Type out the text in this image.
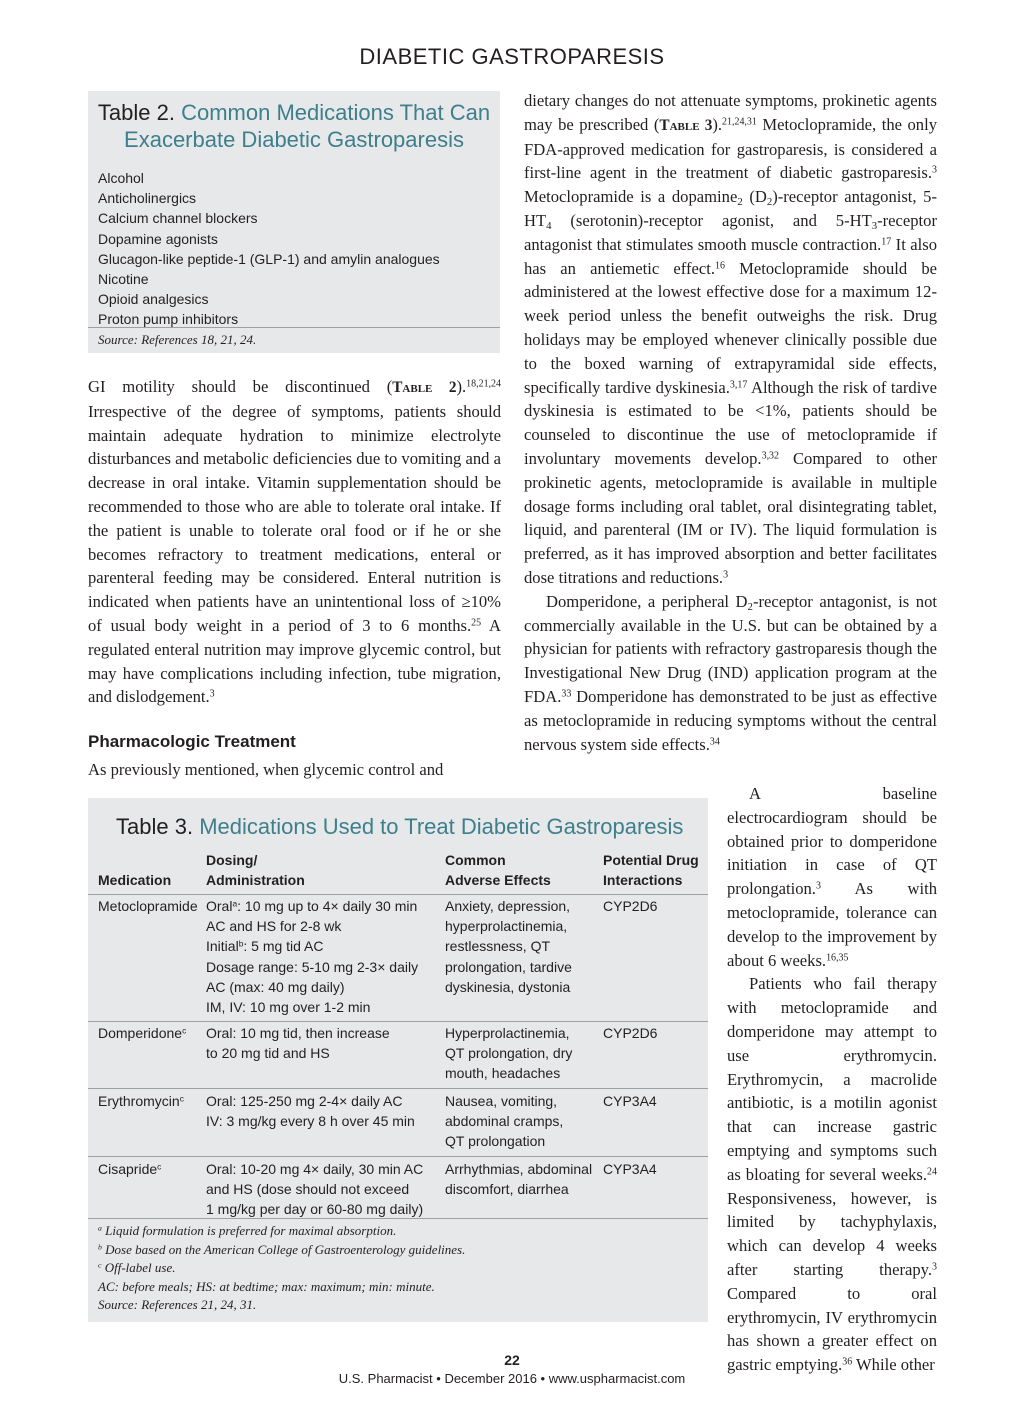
DIABETIC GASTROPARESIS
Table 2. Common Medications That Can Exacerbate Diabetic Gastroparesis
Alcohol
Anticholinergics
Calcium channel blockers
Dopamine agonists
Glucagon-like peptide-1 (GLP-1) and amylin analogues
Nicotine
Opioid analgesics
Proton pump inhibitors
Source: References 18, 21, 24.

GI motility should be discontinued (Table 2).$^{18,21,24}$ Irrespective of the degree of symptoms, patients should maintain adequate hydration to minimize electrolyte disturbances and metabolic deficiencies due to vomiting and a decrease in oral intake. Vitamin supplementation should be recommended to those who are able to tolerate oral intake. If the patient is unable to tolerate oral food or if he or she becomes refractory to treatment medications, enteral or parenteral feeding may be considered. Enteral nutrition is indicated when patients have an unintentional loss of ≥10% of usual body weight in a period of 3 to 6 months.$^{25}$ A regulated enteral nutrition may improve glycemic control, but may have complications including infection, tube migration, and dislodgement.$^3$

Pharmacologic Treatment

As previously mentioned, when glycemic control and

dietary changes do not attenuate symptoms, prokinetic agents may be prescribed (Table 3).$^{21,24,31}$ Metoclopramide, the only FDA-approved medication for gastroparesis, is considered a first-line agent in the treatment of diabetic gastroparesis.$^3$ Metoclopramide is a dopamine$_2$ $(D_2)$-receptor antagonist, $5-HT_4$ (serotonin)-receptor agonist, and $5-HT_3$-receptor antagonist that stimulates smooth muscle contraction.$^{17}$ It also has an antiemetic effect.$^{16}$ Metoclopramide should be administered at the lowest effective dose for a maximum 12-week period unless the benefit outweighs the risk. Drug holidays may be employed whenever clinically possible due to the boxed warning of extrapyramidal side effects, specifically tardive dyskinesia.$^{3,17}$ Although the risk of tardive dyskinesia is estimated to be <1%, patients should be counseled to discontinue the use of metoclopramide if involuntary movements develop.$^{3,32}$ Compared to other prokinetic agents, metoclopramide is available in multiple dosage forms including oral tablet, oral disintegrating tablet, liquid, and parenteral (IM or IV). The liquid formulation is preferred, as it has improved absorption and better facilitates dose titrations and reductions.$^3$

Domperidone, a peripheral $D_2$-receptor antagonist, is not commercially available in the U.S. but can be obtained by a physician for patients with refractory gastroparesis though the Investigational New Drug (IND) application program at the FDA.$^{33}$ Domperidone has demonstrated to be just as effective as metoclopramide in reducing symptoms without the central nervous system side effects.$^{34}$

A baseline electrocardiogram should be obtained prior to domperidone initiation in case of QT prolongation.$^3$ As with metoclopramide, tolerance can develop to the improvement by about 6 weeks.$^{16,35}$

Patients who fail therapy with metoclopramide and domperidone may attempt to use erythromycin. Erythromycin, a macrolide antibiotic, is a motilin agonist that can increase gastric emptying and symptoms such as bloating for several weeks.$^{24}$ Responsiveness, however, is limited by tachyphylaxis, which can develop 4 weeks after starting therapy.$^3$ Compared to oral erythromycin, IV erythromycin has shown a greater effect on gastric emptying.$^{36}$ While other

Table 3. Medications Used to Treat Diabetic Gastroparesis
Medication
Dosing/
Administration
Common
Adverse Effects
Potential Drug
Interactions
Metoclopramide Oral$^a$: 10 mg up to 4× daily 30 min
AC and HS for 2-8 wk
Initial$^b$: 5 mg tid AC
Dosage range: 5-10 mg 2-3× daily
AC (max: 40 mg daily)
IM, IV: 10 mg over 1-2 min
Anxiety, depression,
hyperprolactinemia,
restlessness, QT
prolongation, tardive
dyskinesia, dystonia
CYP2D6
Domperidone$^c$ Oral: 10 mg tid, then increase
to 20 mg tid and HS
Hyperprolactinemia,
QT prolongation, dry
mouth, headaches
CYP2D6
Erythromycin$^c$ Oral: 125-250 mg 2-4× daily AC
IV: 3 mg/kg every 8 h over 45 min
Nausea, vomiting,
abdominal cramps,
QT prolongation
CYP3A4
Cisapride$^c$	Oral: 10-20 mg 4× daily, 30 min AC
and HS (dose should not exceed
1 mg/kg per day or 60-80 mg daily)
Arrhythmias, abdominal
discomfort, diarrhea
CYP3A4
$^a$ Liquid formulation is preferred for maximal absorption.
$^b$ Dose based on the American College of Gastroenterology guidelines.
$^c$ Off-label use.
AC: before meals; HS: at bedtime; max: maximum; min: minute.
Source: References 21, 24, 31.
22
U.S. Pharmacist • December 2016 • www.uspharmacist.com
